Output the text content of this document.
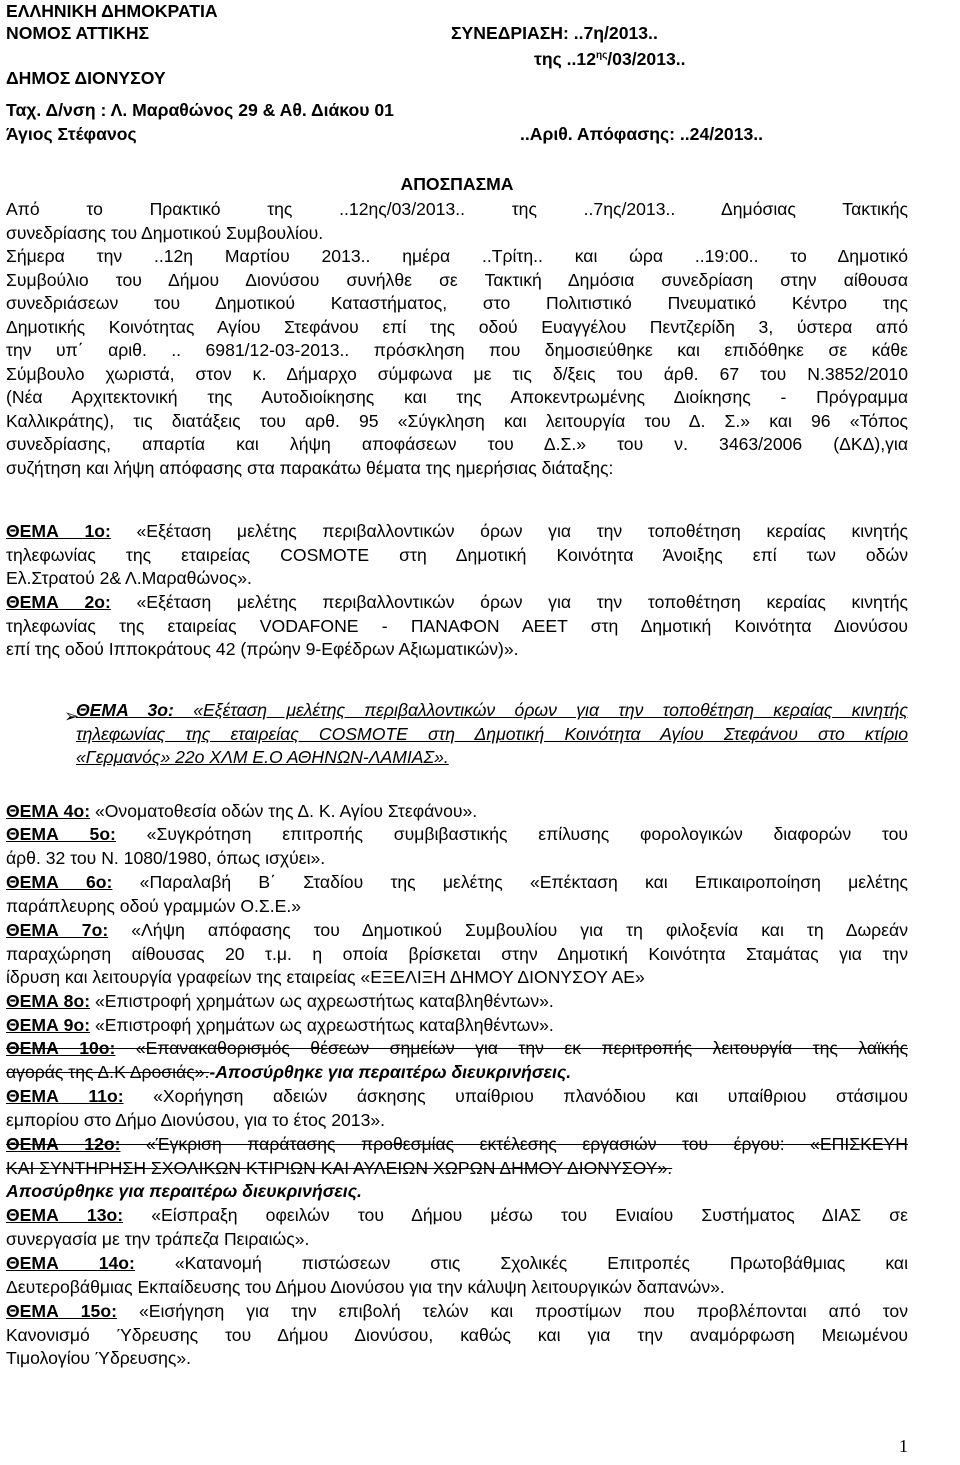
ΕΛΛΗΝΙΚΗ ΔΗΜΟΚΡΑΤΙΑ
ΝΟΜΟΣ ΑΤΤΙΚΗΣ
ΔΗΜΟΣ ΔΙΟΝΥΣΟΥ
Ταχ. Δ/νση : Λ. Μαραθώνος 29 & Αθ. Διάκου 01
Άγιος Στέφανος
ΣΥΝΕΔΡΙΑΣΗ: ..7η/2013..
της $..12^{\eta\varsigma}/03/2013$..
..Αριθ. Απόφασης: ..24/2013..
ΑΠΟΣΠΑΣΜΑ
Από το Πρακτικό της ..12ης/03/2013.. της ..7ης/2013.. Δημόσιας Τακτικής
συνεδρίασης του Δημοτικού Συμβουλίου.
Σήμερα την ..12η Μαρτίου 2013.. ημέρα ..Τρίτη.. και ώρα ..19:00.. το Δημοτικό
Συμβούλιο του Δήμου Διονύσου συνήλθε σε Τακτική Δημόσια συνεδρίαση στην αίθουσα
συνεδριάσεων του Δημοτικού Καταστήματος, στο Πολιτιστικό Πνευματικό Κέντρο της
Δημοτικής Κοινότητας Αγίου Στεφάνου επί της οδού Ευαγγέλου Πεντζερίδη 3, ύστερα από
την υπ΄ αριθ. .. 6981/12-03-2013.. πρόσκληση που δημοσιεύθηκε και επιδόθηκε σε κάθε
Σύμβουλο χωριστά, στον κ. Δήμαρχο σύμφωνα με τις δ/ξεις του άρθ. 67 του Ν.3852/2010
(Νέα Αρχιτεκτονική της Αυτοδιοίκησης και της Αποκεντρωμένης Διοίκησης - Πρόγραμμα
Καλλικράτης), τις διατάξεις του αρθ. 95 «Σύγκληση και λειτουργία του Δ. Σ.» και 96 «Τόπος
συνεδρίασης, απαρτία και λήψη αποφάσεων του Δ.Σ.» του ν. 3463/2006 (ΔΚΔ),για
συζήτηση και λήψη απόφασης στα παρακάτω θέματα της ημερήσιας διάταξης:
ΘΕΜΑ 1ο: «Εξέταση μελέτης περιβαλλοντικών όρων για την τοποθέτηση κεραίας κινητής
τηλεφωνίας της εταιρείας COSMOTE στη Δημοτική Κοινότητα Άνοιξης επί των οδών
Ελ.Στρατού 2& Λ.Μαραθώνος».
ΘΕΜΑ 2ο: «Εξέταση μελέτης περιβαλλοντικών όρων για την τοποθέτηση κεραίας κινητής
τηλεφωνίας της εταιρείας VODAFONE - ΠΑΝΑΦΟΝ ΑΕΕΤ στη Δημοτική Κοινότητα Διονύσου
επί της οδού Ιπποκράτους 42 (πρώην 9-Εφέδρων Αξιωματικών)».
➢
ΘΕΜΑ 3ο: «Εξέταση μελέτης περιβαλλοντικών όρων για την τοποθέτηση κεραίας κινητής
τηλεφωνίας της εταιρείας COSMOTE στη Δημοτική Κοινότητα Αγίου Στεφάνου στο κτίριο
«Γερμανός» 22ο ΧΛΜ Ε.Ο ΑΘΗΝΩΝ-ΛΑΜΙΑΣ».
ΘΕΜΑ 4ο: «Ονοματοθεσία οδών της Δ. Κ. Αγίου Στεφάνου».
ΘΕΜΑ 5ο: «Συγκρότηση επιτροπής συμβιβαστικής επίλυσης φορολογικών διαφορών του
άρθ. 32 του Ν. 1080/1980, όπως ισχύει».
ΘΕΜΑ 6ο: «Παραλαβή Β΄ Σταδίου της μελέτης «Επέκταση και Επικαιροποίηση μελέτης
παράπλευρης οδού γραμμών Ο.Σ.Ε.»
ΘΕΜΑ 7ο: «Λήψη απόφασης του Δημοτικού Συμβουλίου για τη φιλοξενία και τη Δωρεάν
παραχώρηση αίθουσας 20 τ.μ. η οποία βρίσκεται στην Δημοτική Κοινότητα Σταμάτας για την
ίδρυση και λειτουργία γραφείων της εταιρείας «ΕΞΕΛΙΞΗ ΔΗΜΟΥ ΔΙΟΝΥΣΟΥ ΑΕ»
ΘΕΜΑ 8ο: «Επιστροφή χρημάτων ως αχρεωστήτως καταβληθέντων».
ΘΕΜΑ 9ο: «Επιστροφή χρημάτων ως αχρεωστήτως καταβληθέντων».
ΘΕΜΑ 10ο: «Επανακαθορισμός θέσεων σημείων για την εκ περιτροπής λειτουργία της λαϊκής
αγοράς της Δ.Κ Δροσιάς».-Αποσύρθηκε για περαιτέρω διευκρινήσεις.
ΘΕΜΑ 11ο: «Χορήγηση αδειών άσκησης υπαίθριου πλανόδιου και υπαίθριου στάσιμου
εμπορίου στο Δήμο Διονύσου, για το έτος 2013».
ΘΕΜΑ 12ο: «Έγκριση παράτασης προθεσμίας εκτέλεσης εργασιών του έργου: «ΕΠΙΣΚΕΥΗ
ΚΑΙ ΣΥΝΤΗΡΗΣΗ ΣΧΟΛΙΚΩΝ ΚΤΙΡΙΩΝ ΚΑΙ ΑΥΛΕΙΩΝ ΧΩΡΩΝ ΔΗΜΟΥ ΔΙΟΝΥΣΟΥ».
Αποσύρθηκε για περαιτέρω διευκρινήσεις.
ΘΕΜΑ 13ο: «Είσπραξη οφειλών του Δήμου μέσω του Ενιαίου Συστήματος ΔΙΑΣ σε
συνεργασία με την τράπεζα Πειραιώς».
ΘΕΜΑ 14ο: «Κατανομή πιστώσεων στις Σχολικές Επιτροπές Πρωτοβάθμιας και
Δευτεροβάθμιας Εκπαίδευσης του Δήμου Διονύσου για την κάλυψη λειτουργικών δαπανών».
ΘΕΜΑ 15ο: «Εισήγηση για την επιβολή τελών και προστίμων που προβλέπονται από τον
Κανονισμό Ύδρευσης του Δήμου Διονύσου, καθώς και για την αναμόρφωση Μειωμένου
Τιμολογίου Ύδρευσης».
1
